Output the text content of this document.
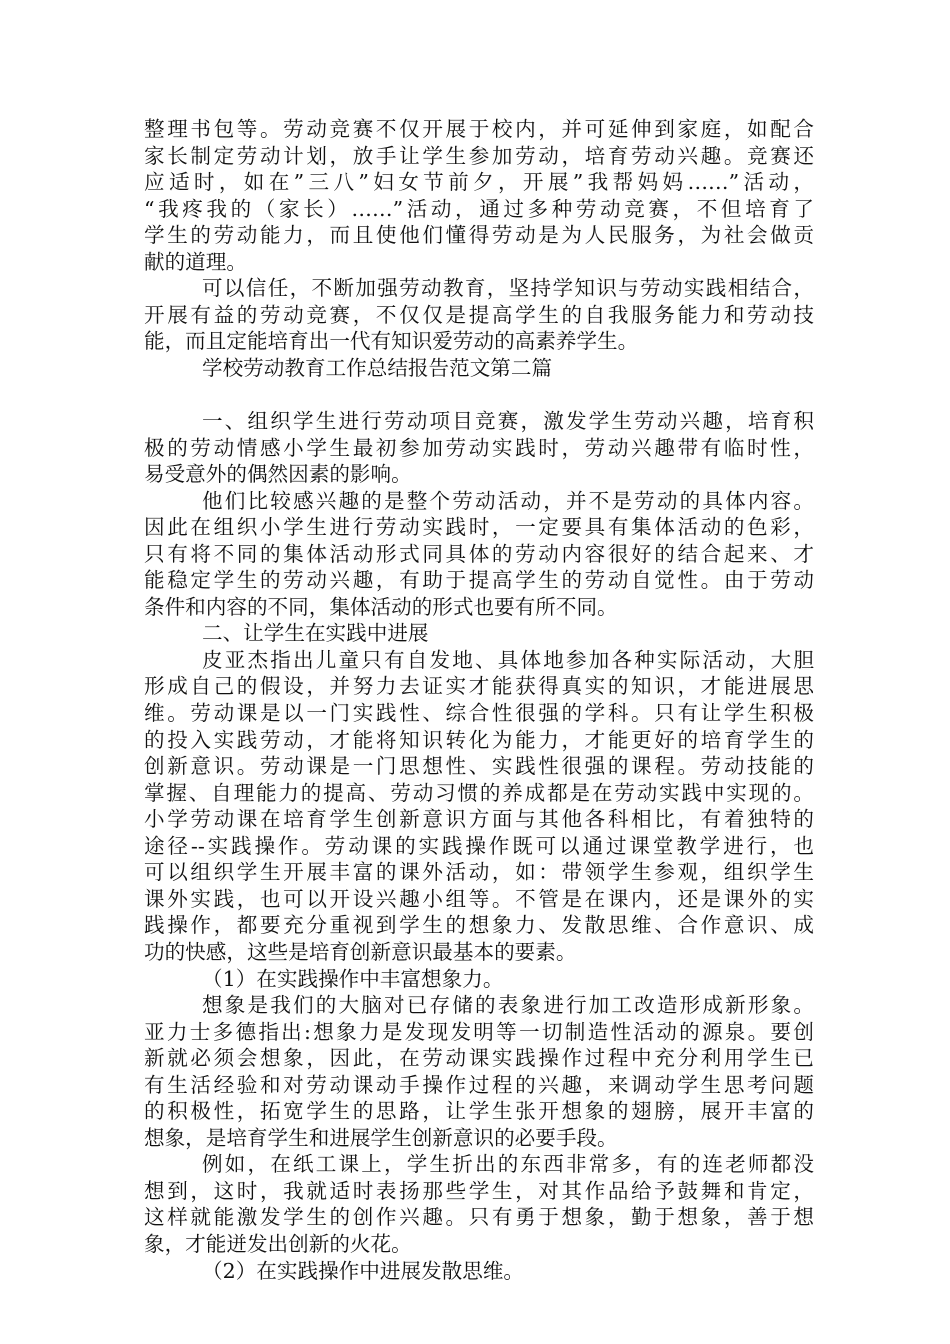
整理书包等。劳动竞赛不仅开展于校内，并可延伸到家庭，如配合
家长制定劳动计划，放手让学生参加劳动，培育劳动兴趣。竞赛还
应适时，如在”三八”妇女节前夕，开展”我帮妈妈……”活动，
“我疼我的（家长）……”活动，通过多种劳动竞赛，不但培育了
学生的劳动能力，而且使他们懂得劳动是为人民服务，为社会做贡
献的道理。
可以信任，不断加强劳动教育，坚持学知识与劳动实践相结合，
开展有益的劳动竞赛，不仅仅是提高学生的自我服务能力和劳动技
能，而且定能培育出一代有知识爱劳动的高素养学生。
学校劳动教育工作总结报告范文第二篇
一、组织学生进行劳动项目竞赛，激发学生劳动兴趣，培育积
极的劳动情感小学生最初参加劳动实践时，劳动兴趣带有临时性，
易受意外的偶然因素的影响。
他们比较感兴趣的是整个劳动活动，并不是劳动的具体内容。
因此在组织小学生进行劳动实践时，一定要具有集体活动的色彩，
只有将不同的集体活动形式同具体的劳动内容很好的结合起来、才
能稳定学生的劳动兴趣，有助于提高学生的劳动自觉性。由于劳动
条件和内容的不同，集体活动的形式也要有所不同。
二、让学生在实践中进展
皮亚杰指出儿童只有自发地、具体地参加各种实际活动，大胆
形成自己的假设，并努力去证实才能获得真实的知识，才能进展思
维。劳动课是以一门实践性、综合性很强的学科。只有让学生积极
的投入实践劳动，才能将知识转化为能力，才能更好的培育学生的
创新意识。劳动课是一门思想性、实践性很强的课程。劳动技能的
掌握、自理能力的提高、劳动习惯的养成都是在劳动实践中实现的。
小学劳动课在培育学生创新意识方面与其他各科相比，有着独特的
途径--实践操作。劳动课的实践操作既可以通过课堂教学进行，也
可以组织学生开展丰富的课外活动，如：带领学生参观，组织学生
课外实践，也可以开设兴趣小组等。不管是在课内，还是课外的实
践操作，都要充分重视到学生的想象力、发散思维、合作意识、成
功的快感，这些是培育创新意识最基本的要素。
（1）在实践操作中丰富想象力。
想象是我们的大脑对已存储的表象进行加工改造形成新形象。
亚力士多德指出:想象力是发现发明等一切制造性活动的源泉。要创
新就必须会想象，因此，在劳动课实践操作过程中充分利用学生已
有生活经验和对劳动课动手操作过程的兴趣，来调动学生思考问题
的积极性，拓宽学生的思路，让学生张开想象的翅膀，展开丰富的
想象，是培育学生和进展学生创新意识的必要手段。
例如，在纸工课上，学生折出的东西非常多，有的连老师都没
想到，这时，我就适时表扬那些学生，对其作品给予鼓舞和肯定，
这样就能激发学生的创作兴趣。只有勇于想象，勤于想象，善于想
象，才能迸发出创新的火花。
（2）在实践操作中进展发散思维。
